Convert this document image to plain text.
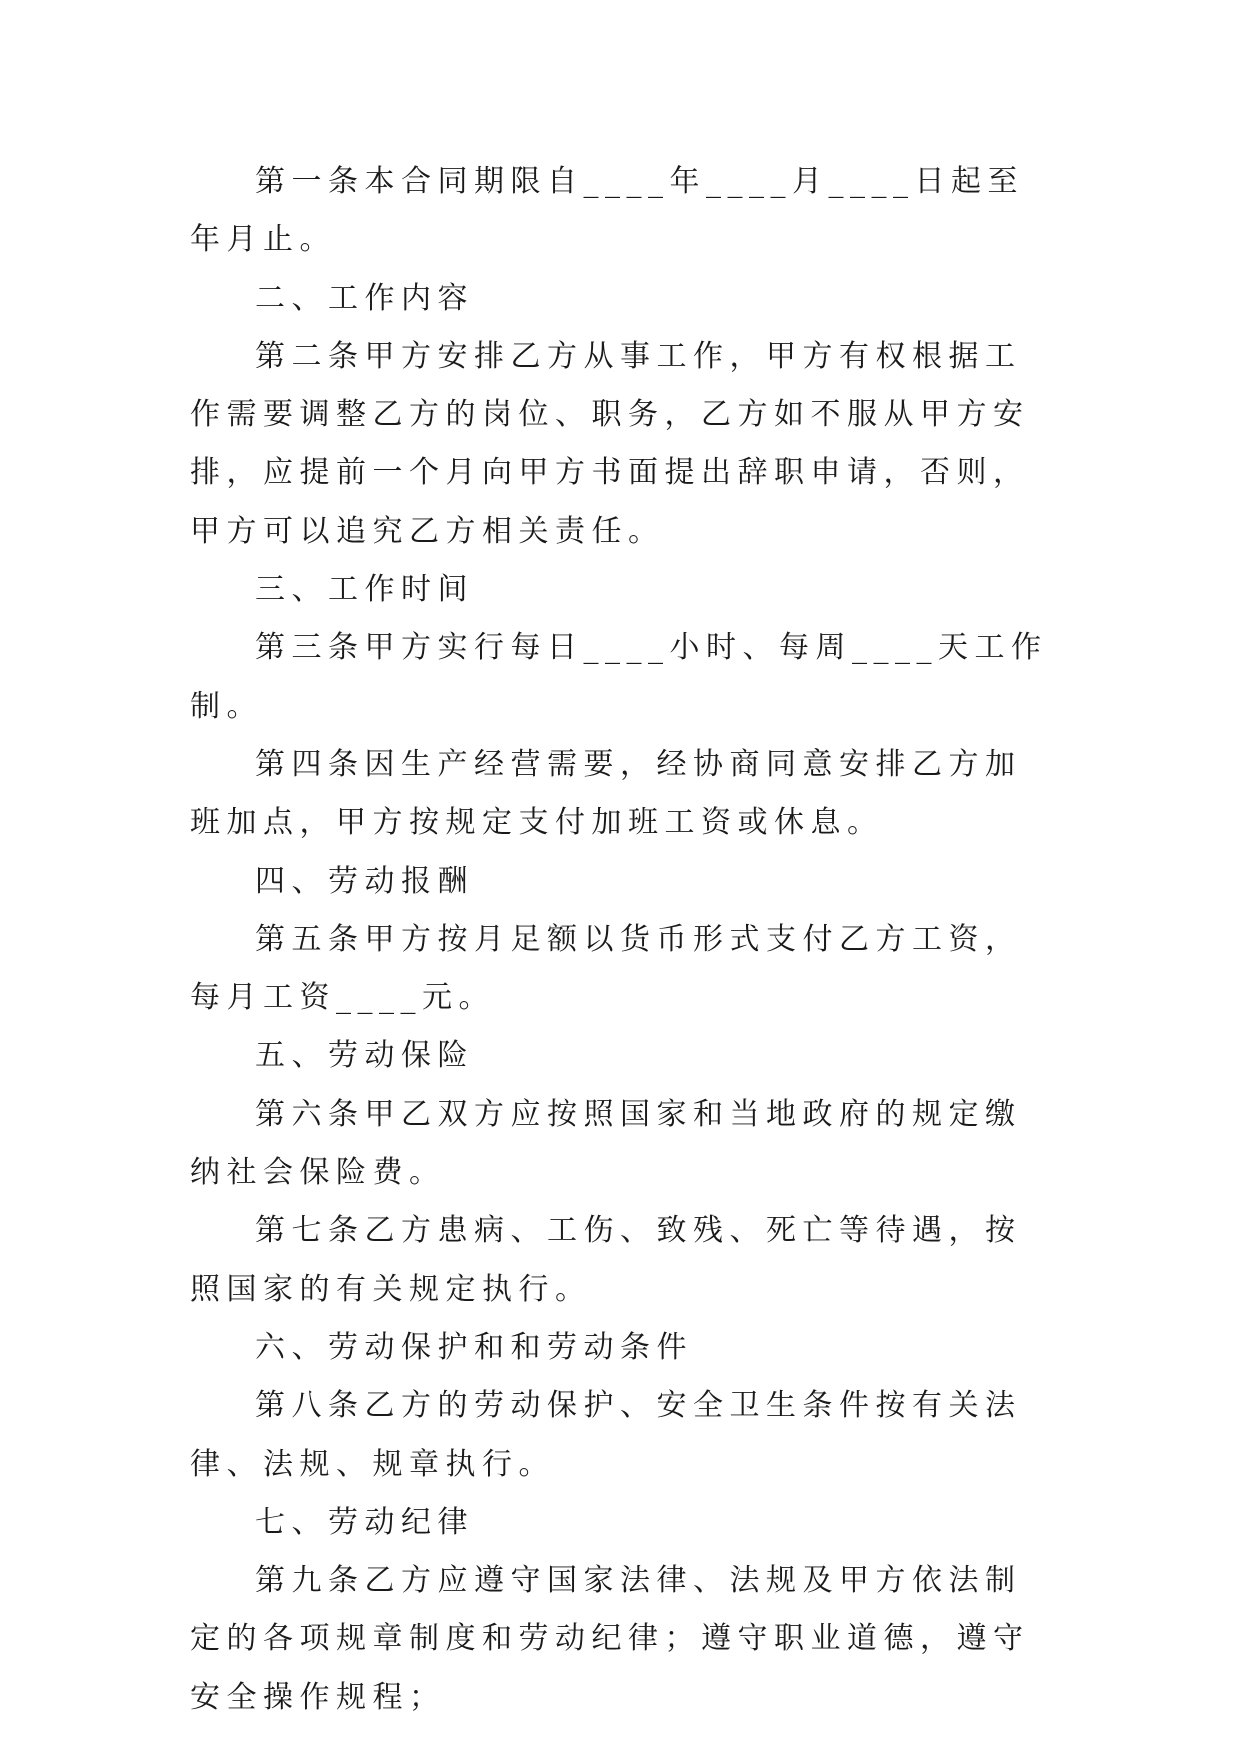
第一条本合同期限自____年____月____日起至年月止。

二、工作内容

第二条甲方安排乙方从事工作，甲方有权根据工作需要调整乙方的岗位、职务，乙方如不服从甲方安排，应提前一个月向甲方书面提出辞职申请，否则，甲方可以追究乙方相关责任。

三、工作时间

第三条甲方实行每日____小时、每周____天工作制。

第四条因生产经营需要，经协商同意安排乙方加班加点，甲方按规定支付加班工资或休息。

四、劳动报酬

第五条甲方按月足额以货币形式支付乙方工资，每月工资____元。

五、劳动保险

第六条甲乙双方应按照国家和当地政府的规定缴纳社会保险费。

第七条乙方患病、工伤、致残、死亡等待遇，按照国家的有关规定执行。

六、劳动保护和和劳动条件

第八条乙方的劳动保护、安全卫生条件按有关法律、法规、规章执行。

七、劳动纪律

第九条乙方应遵守国家法律、法规及甲方依法制定的各项规章制度和劳动纪律；遵守职业道德，遵守安全操作规程；
